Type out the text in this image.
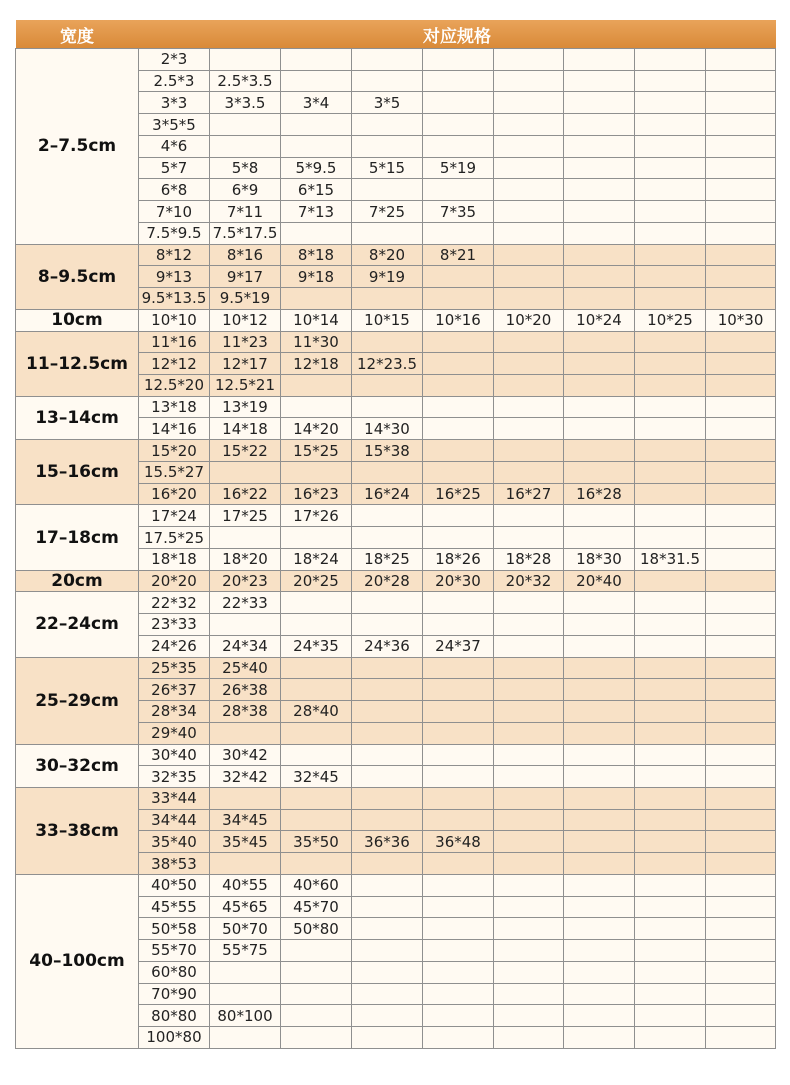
宽度	对应规格								
2–7.5cm	2*3								
	2.5*3	2.5*3.5							
	3*3	3*3.5	3*4	3*5					
	3*5*5								
	4*6								
	5*7	5*8	5*9.5	5*15	5*19				
	6*8	6*9	6*15						
	7*10	7*11	7*13	7*25	7*35				
	7.5*9.5	7.5*17.5							
8–9.5cm	8*12	8*16	8*18	8*20	8*21				
	9*13	9*17	9*18	9*19					
	9.5*13.5	9.5*19							
10cm	10*10	10*12	10*14	10*15	10*16	10*20	10*24	10*25	10*30
11–12.5cm	11*16	11*23	11*30						
	12*12	12*17	12*18	12*23.5					
	12.5*20	12.5*21							
13–14cm	13*18	13*19							
	14*16	14*18	14*20	14*30					
15–16cm	15*20	15*22	15*25	15*38					
	15.5*27								
	16*20	16*22	16*23	16*24	16*25	16*27	16*28		
17–18cm	17*24	17*25	17*26						
	17.5*25								
	18*18	18*20	18*24	18*25	18*26	18*28	18*30	18*31.5	
20cm	20*20	20*23	20*25	20*28	20*30	20*32	20*40		
22–24cm	22*32	22*33							
	23*33								
	24*26	24*34	24*35	24*36	24*37				
25–29cm	25*35	25*40							
	26*37	26*38							
	28*34	28*38	28*40						
	29*40								
30–32cm	30*40	30*42							
	32*35	32*42	32*45						
33–38cm	33*44								
	34*44	34*45							
	35*40	35*45	35*50	36*36	36*48				
	38*53								
40–100cm	40*50	40*55	40*60						
	45*55	45*65	45*70						
	50*58	50*70	50*80						
	55*70	55*75							
	60*80								
	70*90								
	80*80	80*100							
	100*80								
